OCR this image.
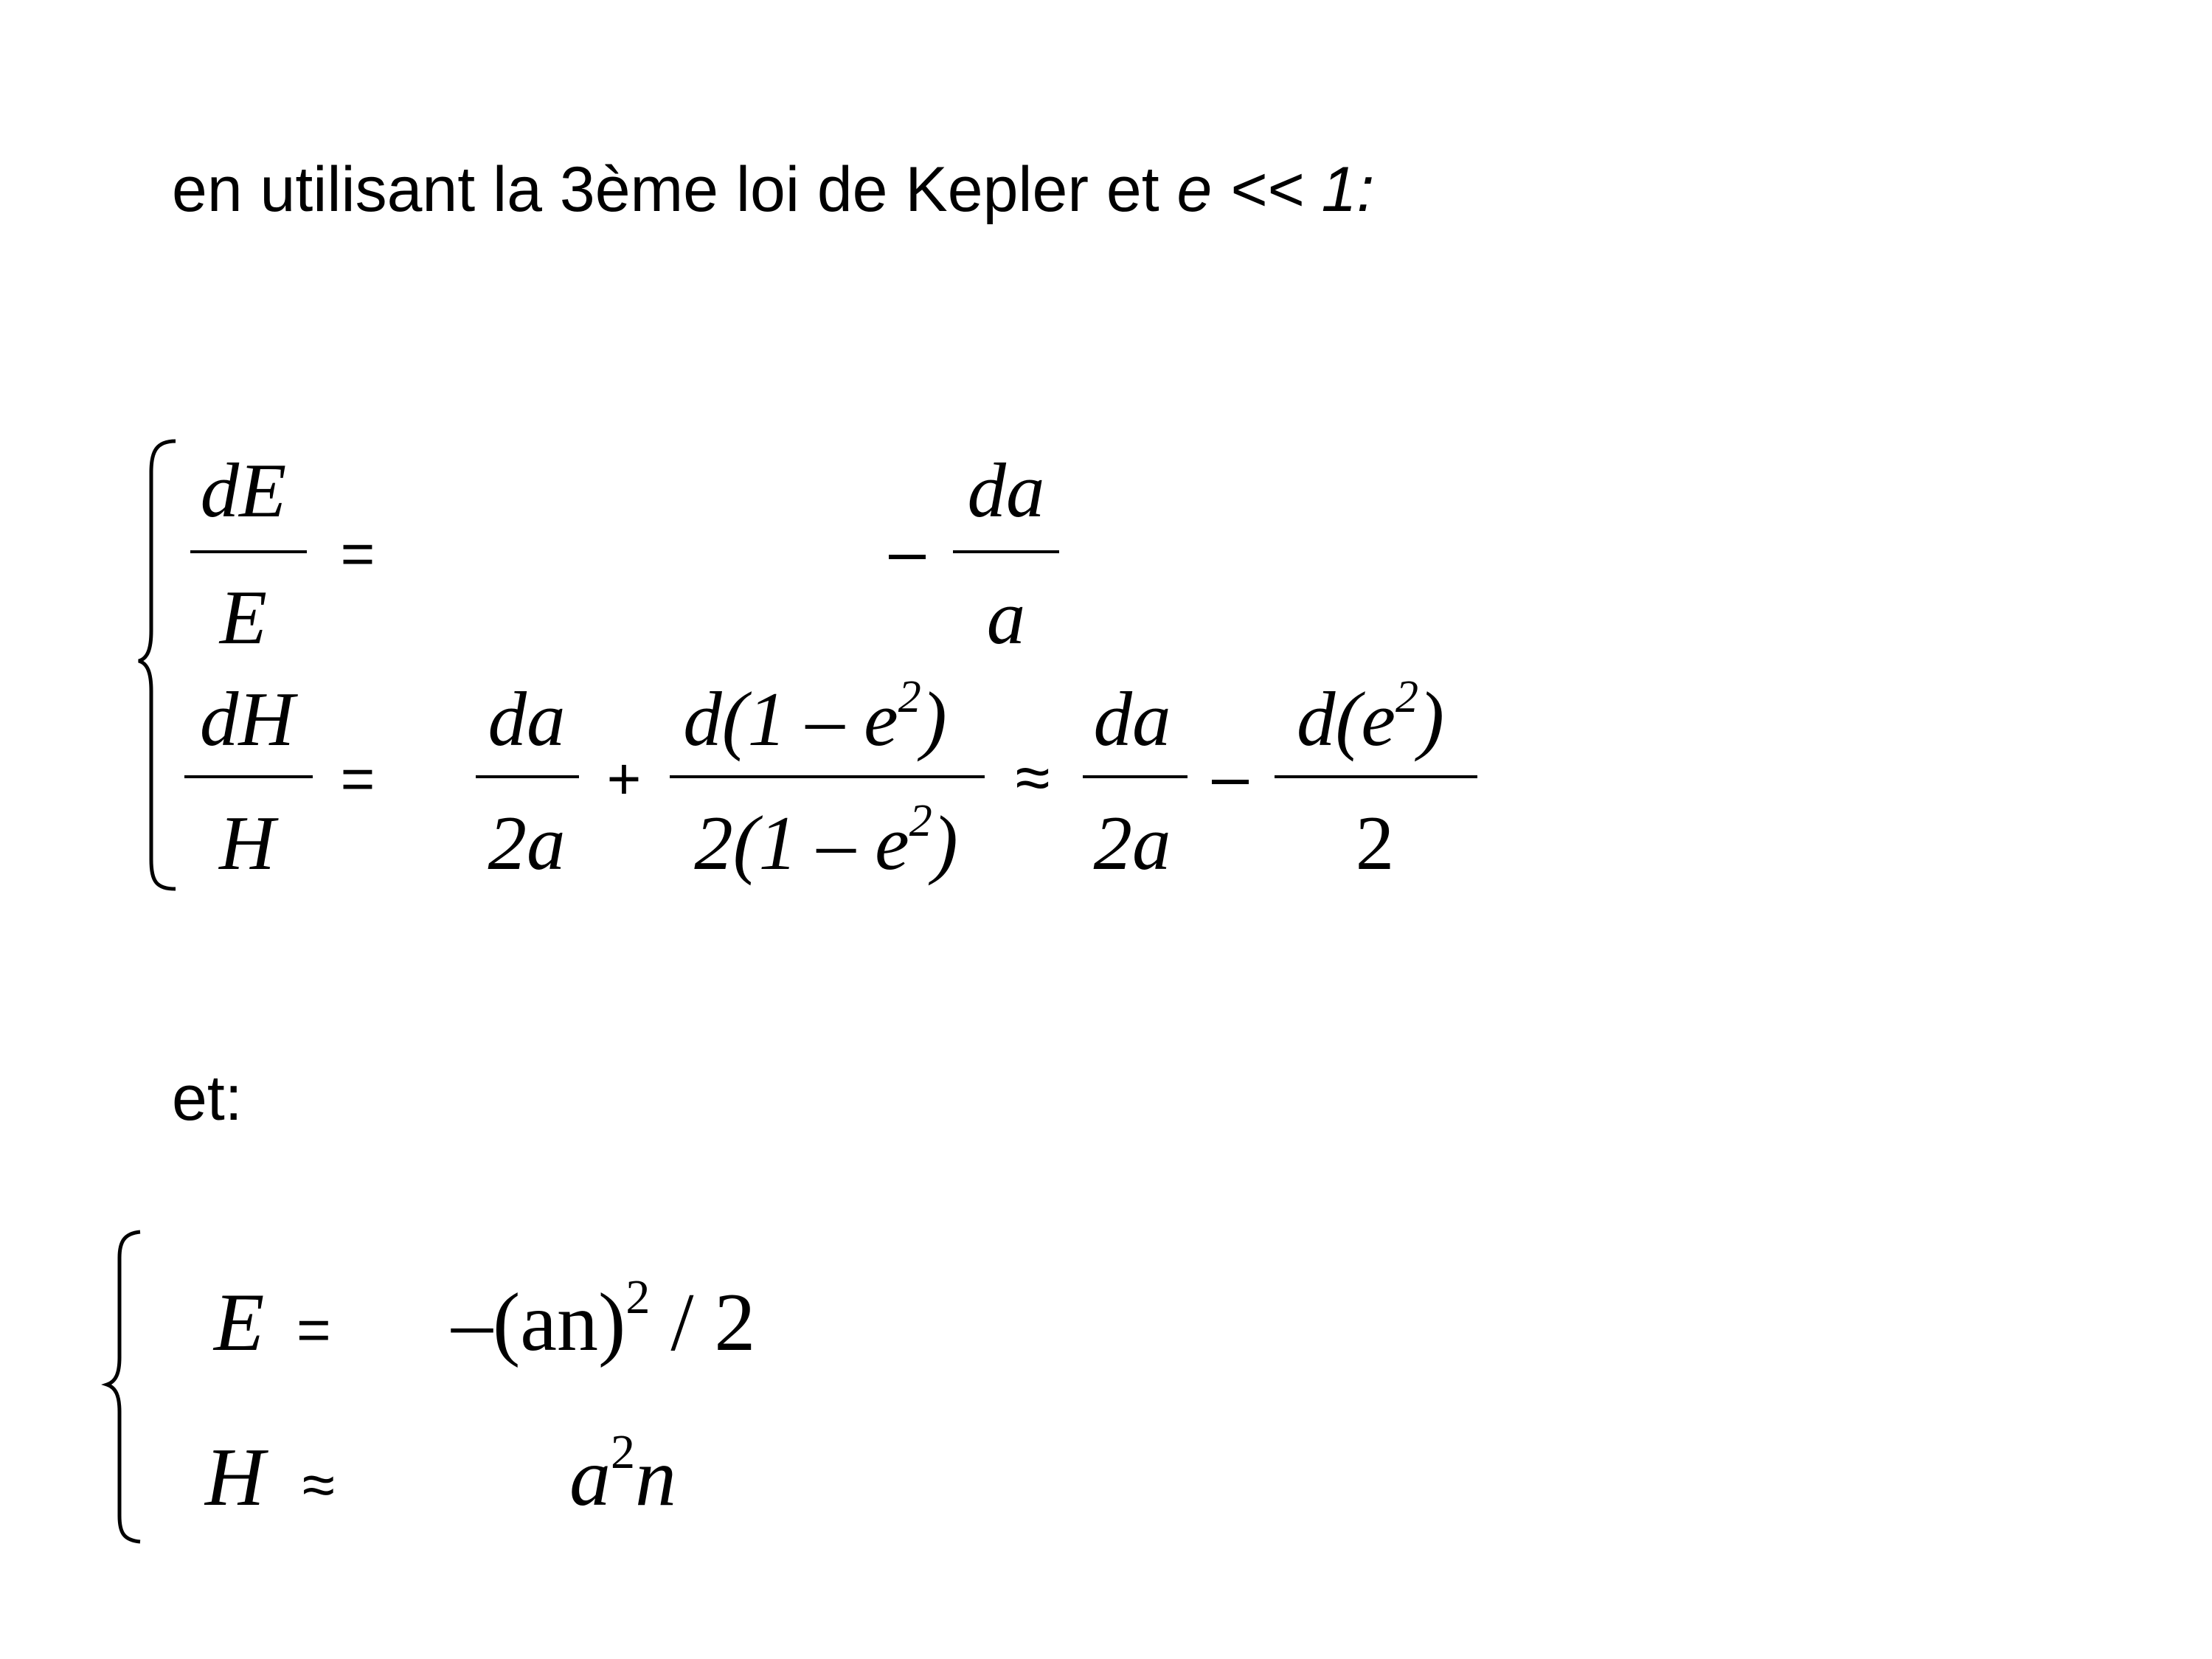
en utilisant la 3ème loi de Kepler et e << 1:
dE
E
=	–
da
a
dH
H
=
da
2a
+
$d(1 - e^2)$
$2(1 - e^2)$
≈
da
2a
–
$d(e^2)$
2
E = –(an)$^2$ / 2
H ≈	$a^2n$
et:
